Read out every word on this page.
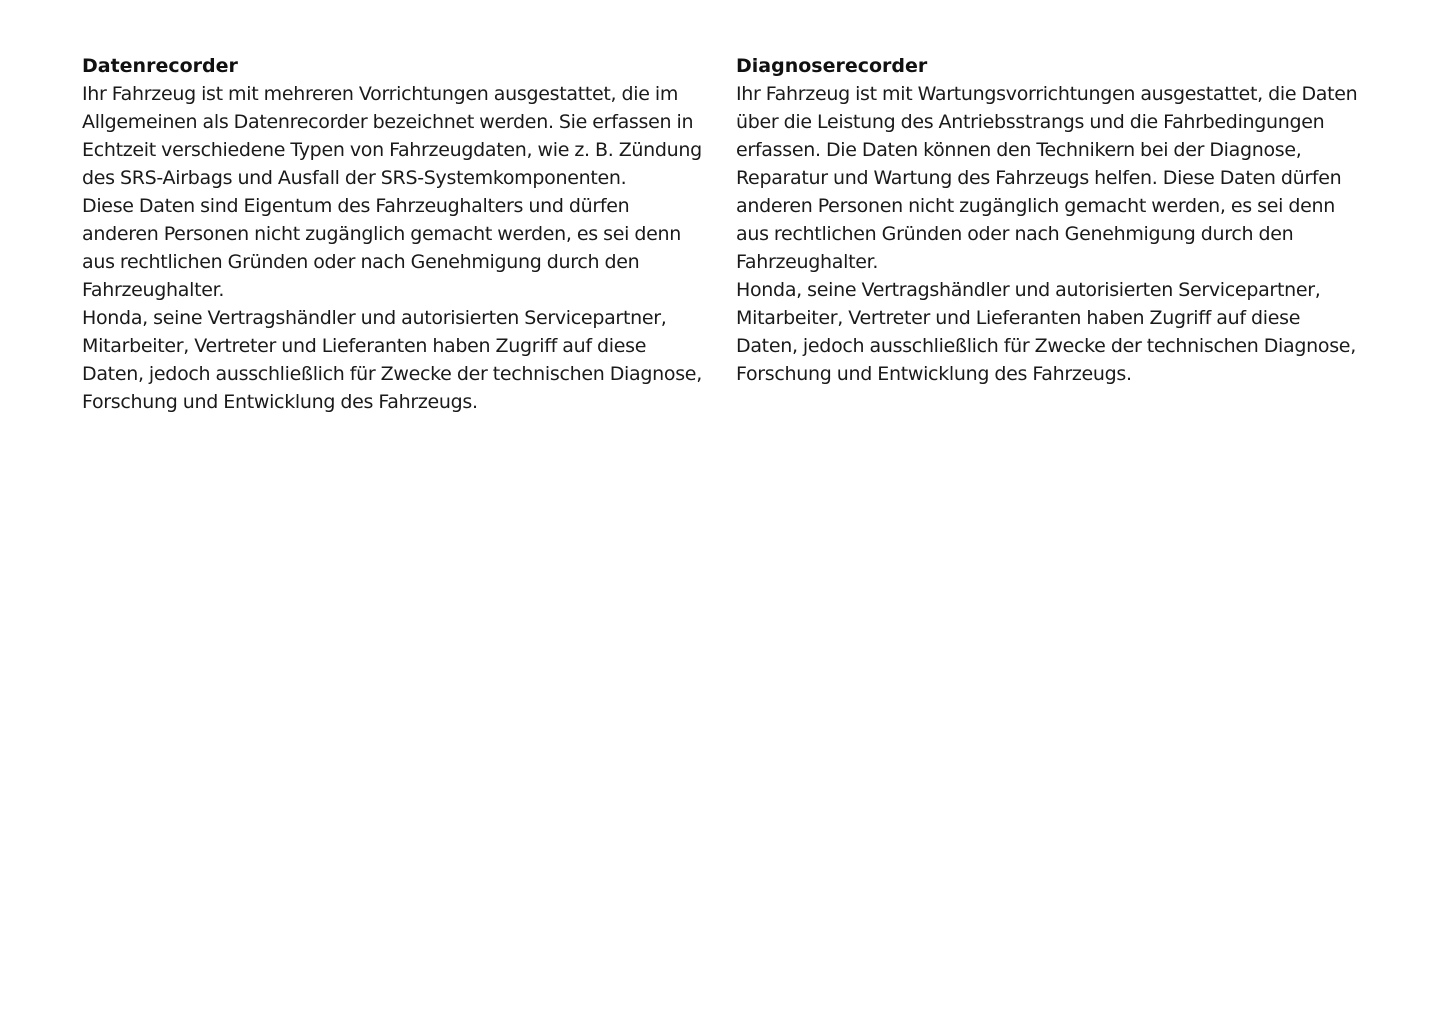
Datenrecorder

Ihr Fahrzeug ist mit mehreren Vorrichtungen ausgestattet, die im
Allgemeinen als Datenrecorder bezeichnet werden. Sie erfassen in
Echtzeit verschiedene Typen von Fahrzeugdaten, wie z. B. Zündung
des SRS-Airbags und Ausfall der SRS-Systemkomponenten.

Diese Daten sind Eigentum des Fahrzeughalters und dürfen
anderen Personen nicht zugänglich gemacht werden, es sei denn
aus rechtlichen Gründen oder nach Genehmigung durch den
Fahrzeughalter.

Honda, seine Vertragshändler und autorisierten Servicepartner,
Mitarbeiter, Vertreter und Lieferanten haben Zugriff auf diese
Daten, jedoch ausschließlich für Zwecke der technischen Diagnose,
Forschung und Entwicklung des Fahrzeugs.

Diagnoserecorder

Ihr Fahrzeug ist mit Wartungsvorrichtungen ausgestattet, die Daten
über die Leistung des Antriebsstrangs und die Fahrbedingungen
erfassen. Die Daten können den Technikern bei der Diagnose,
Reparatur und Wartung des Fahrzeugs helfen. Diese Daten dürfen
anderen Personen nicht zugänglich gemacht werden, es sei denn
aus rechtlichen Gründen oder nach Genehmigung durch den
Fahrzeughalter.

Honda, seine Vertragshändler und autorisierten Servicepartner,
Mitarbeiter, Vertreter und Lieferanten haben Zugriff auf diese
Daten, jedoch ausschließlich für Zwecke der technischen Diagnose,
Forschung und Entwicklung des Fahrzeugs.
